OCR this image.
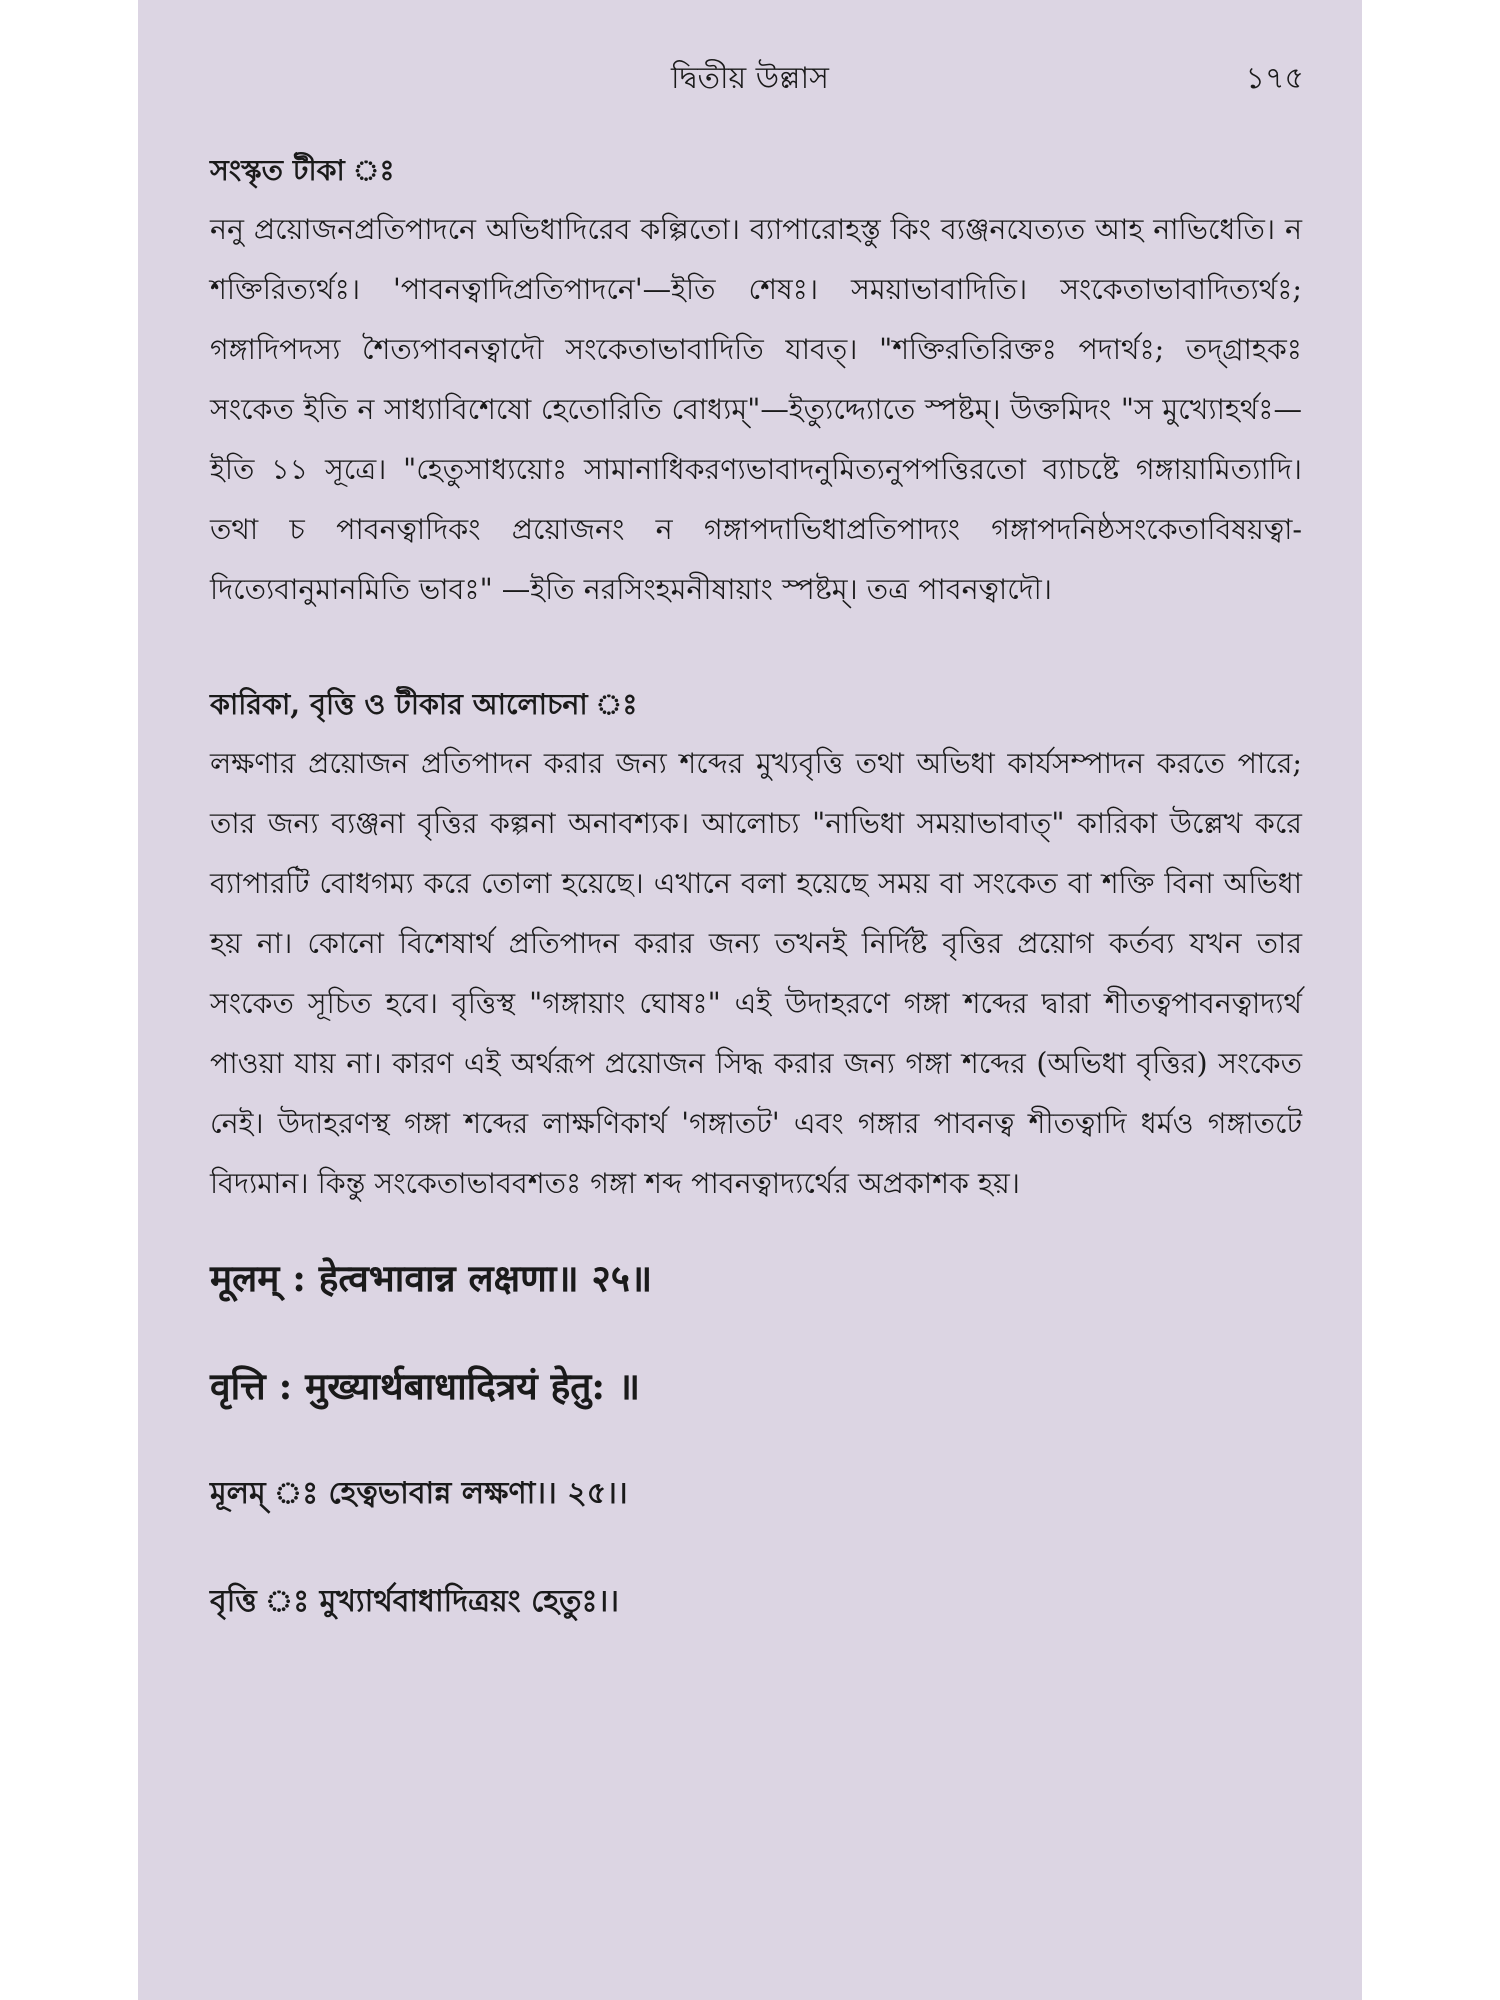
দ্বিতীয় উল্লাস	১৭৫

সংস্কৃত টীকা ঃ

ননু প্রয়োজনপ্রতিপাদনে অভিধাদিরেব কল্পিতো। ব্যাপারোহস্তু কিং ব্যঞ্জনযেত্যত আহ নাভিধেতি। ন শক্তিরিত্যর্থঃ। 'পাবনত্বাদিপ্রতিপাদনে'—ইতি শেষঃ। সময়াভাবাদিতি। সংকেতাভাবাদিত্যর্থঃ; গঙ্গাদিপদস্য শৈত্যপাবনত্বাদৌ সংকেতাভাবাদিতি যাবত্। "শক্তিরতিরিক্তঃ পদার্থঃ; তদ্গ্রাহকঃ সংকেত ইতি ন সাধ্যাবিশেষো হেতোরিতি বোধ্যম্"—ইত্যুদ্দ্যোতে স্পষ্টম্। উক্তমিদং "স মুখ্যোহর্থঃ—ইতি ১১ সূত্রে। "হেতুসাধ্যয়োঃ সামানাধিকরণ্যভাবাদনুমিত্যনুপপত্তিরতো ব্যাচষ্টে গঙ্গায়ামিত্যাদি। তথা চ পাবনত্বাদিকং প্রয়োজনং ন গঙ্গাপদাভিধাপ্রতিপাদ্যং গঙ্গাপদনিষ্ঠসংকেতাবিষয়ত্বা-দিত্যেবানুমানমিতি ভাবঃ" —ইতি নরসিংহমনীষায়াং স্পষ্টম্। তত্র পাবনত্বাদৌ।

কারিকা, বৃত্তি ও টীকার আলোচনা ঃ

লক্ষণার প্রয়োজন প্রতিপাদন করার জন্য শব্দের মুখ্যবৃত্তি তথা অভিধা কার্যসম্পাদন করতে পারে; তার জন্য ব্যঞ্জনা বৃত্তির কল্পনা অনাবশ্যক। আলোচ্য "নাভিধা সময়াভাবাত্" কারিকা উল্লেখ করে ব্যাপারটি বোধগম্য করে তোলা হয়েছে। এখানে বলা হয়েছে সময় বা সংকেত বা শক্তি বিনা অভিধা হয় না। কোনো বিশেষার্থ প্রতিপাদন করার জন্য তখনই নির্দিষ্ট বৃত্তির প্রয়োগ কর্তব্য যখন তার সংকেত সূচিত হবে। বৃত্তিস্থ "গঙ্গায়াং ঘোষঃ" এই উদাহরণে গঙ্গা শব্দের দ্বারা শীতত্বপাবনত্বাদ্যর্থ পাওয়া যায় না। কারণ এই অর্থরূপ প্রয়োজন সিদ্ধ করার জন্য গঙ্গা শব্দের (অভিধা বৃত্তির) সংকেত নেই। উদাহরণস্থ গঙ্গা শব্দের লাক্ষণিকার্থ 'গঙ্গাতট' এবং গঙ্গার পাবনত্ব শীতত্বাদি ধর্মও গঙ্গাতটে বিদ্যমান। কিন্তু সংকেতাভাববশতঃ গঙ্গা শব্দ পাবনত্বাদ্যর্থের অপ্রকাশক হয়।

मूलम् : हेत्वभावान्न लक्षणा॥ २५॥

वृत्ति : मुख्यार्थबाधादित्रयं हेतु: ॥

মূলম্ ঃ হেত্বভাবান্ন লক্ষণা।। ২৫।।

বৃত্তি ঃ মুখ্যার্থবাধাদিত্রয়ং হেতুঃ।।
